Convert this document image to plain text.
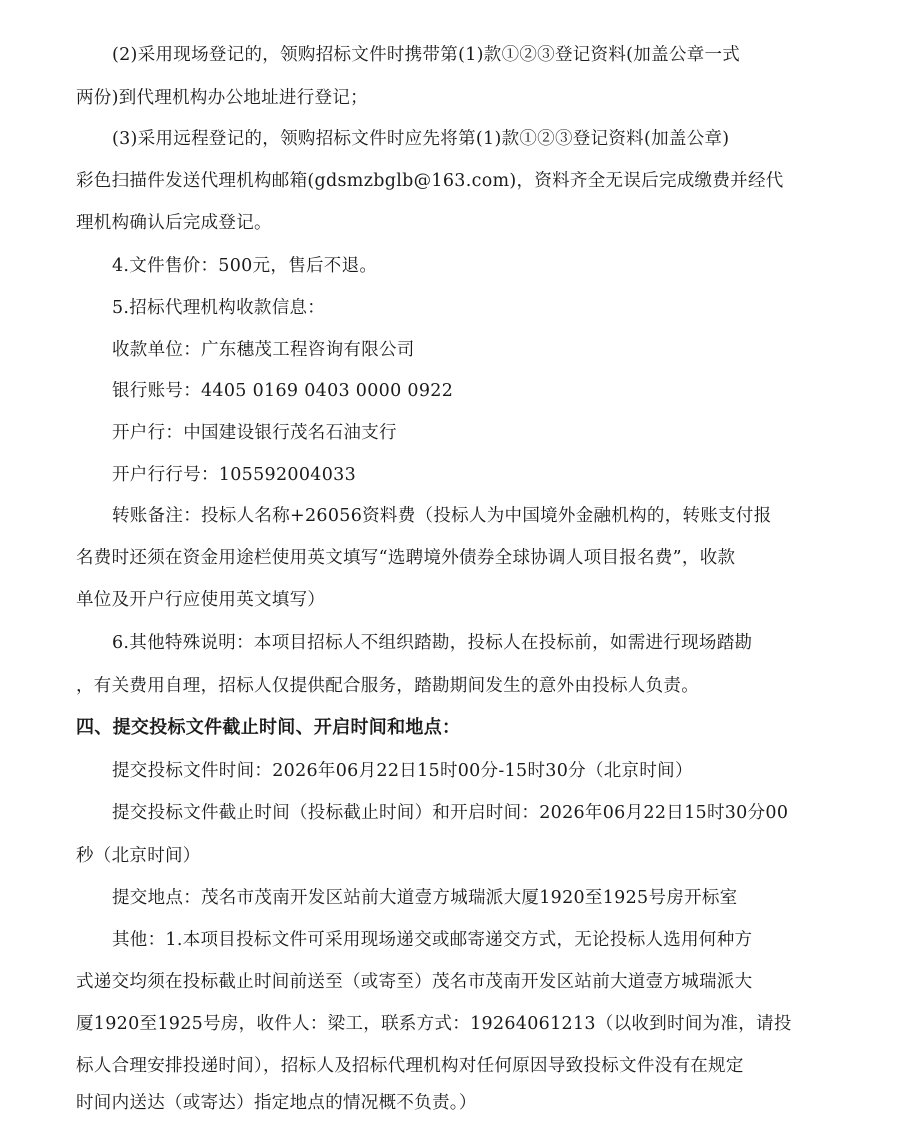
(2)采用现场登记的，领购招标文件时携带第(1)款①②③登记资料(加盖公章一式
两份)到代理机构办公地址进行登记；
(3)采用远程登记的，领购招标文件时应先将第(1)款①②③登记资料(加盖公章)
彩色扫描件发送代理机构邮箱(gdsmzbglb@163.com)，资料齐全无误后完成缴费并经代
理机构确认后完成登记。
4.文件售价：500元，售后不退。
5.招标代理机构收款信息：
收款单位：广东穗茂工程咨询有限公司
银行账号：4405 0169 0403 0000 0922
开户行：中国建设银行茂名石油支行
开户行行号：105592004033
转账备注：投标人名称+26056资料费（投标人为中国境外金融机构的，转账支付报
名费时还须在资金用途栏使用英文填写“选聘境外债券全球协调人项目报名费”，收款
单位及开户行应使用英文填写）
6.其他特殊说明：本项目招标人不组织踏勘，投标人在投标前，如需进行现场踏勘
，有关费用自理，招标人仅提供配合服务，踏勘期间发生的意外由投标人负责。
四、提交投标文件截止时间、开启时间和地点：
提交投标文件时间：2026年06月22日15时00分-15时30分（北京时间）
提交投标文件截止时间（投标截止时间）和开启时间：2026年06月22日15时30分00
秒（北京时间）
提交地点：茂名市茂南开发区站前大道壹方城瑞派大厦1920至1925号房开标室
其他：1.本项目投标文件可采用现场递交或邮寄递交方式，无论投标人选用何种方
式递交均须在投标截止时间前送至（或寄至）茂名市茂南开发区站前大道壹方城瑞派大
厦1920至1925号房，收件人：梁工，联系方式：19264061213（以收到时间为准，请投
标人合理安排投递时间），招标人及招标代理机构对任何原因导致投标文件没有在规定
时间内送达（或寄达）指定地点的情况概不负责。）
